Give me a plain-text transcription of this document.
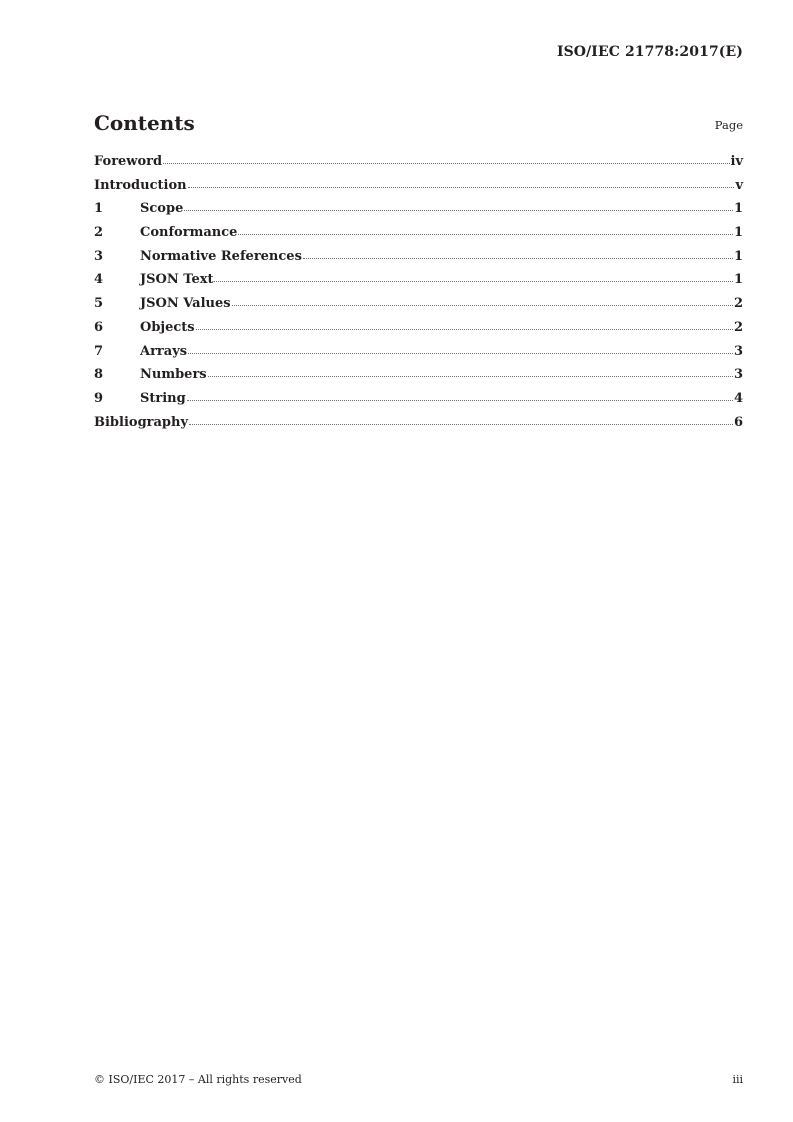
ISO/IEC 21778:2017(E)
Contents	Page
Foreword	iv
Introduction	v
1	Scope	1
2	Conformance	1
3	Normative References	1
4	JSON Text	1
5	JSON Values	2
6	Objects	2
7	Arrays	3
8	Numbers	3
9	String	4
Bibliography	6
© ISO/IEC 2017 – All rights reserved	iii
